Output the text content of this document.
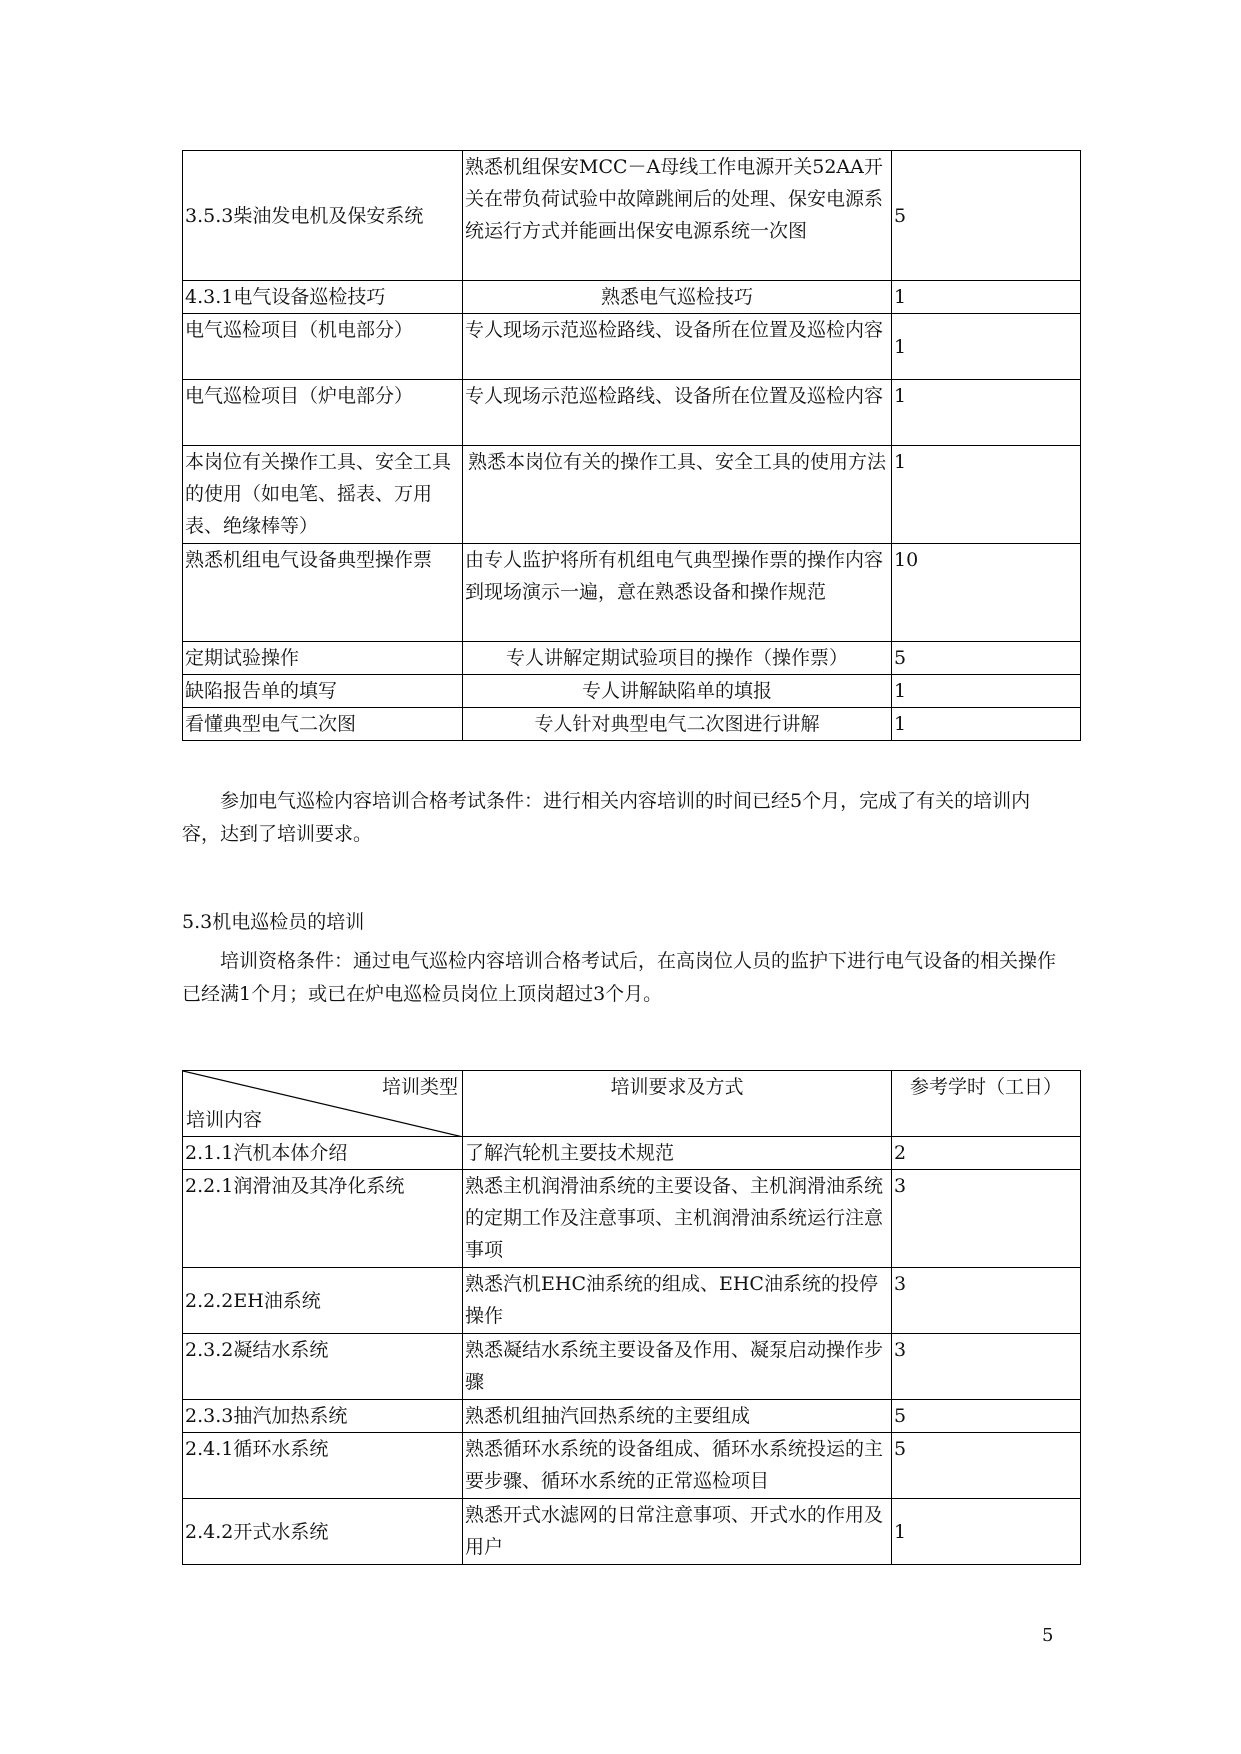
3.5.3柴油发电机及保安系统	熟悉机组保安MCC－A母线工作电源开关52AA开关在带负荷试验中故障跳闸后的处理、保安电源系统运行方式并能画出保安电源系统一次图	5
4.3.1电气设备巡检技巧	熟悉电气巡检技巧	1
电气巡检项目（机电部分）	专人现场示范巡检路线、设备所在位置及巡检内容	1
电气巡检项目（炉电部分）	专人现场示范巡检路线、设备所在位置及巡检内容	1
本岗位有关操作工具、安全工具的使用（如电笔、摇表、万用表、绝缘棒等）	熟悉本岗位有关的操作工具、安全工具的使用方法	1
熟悉机组电气设备典型操作票	由专人监护将所有机组电气典型操作票的操作内容到现场演示一遍，意在熟悉设备和操作规范	10
定期试验操作	专人讲解定期试验项目的操作（操作票）	5
缺陷报告单的填写	专人讲解缺陷单的填报	1
看懂典型电气二次图	专人针对典型电气二次图进行讲解	1
参加电气巡检内容培训合格考试条件：进行相关内容培训的时间已经5个月，完成了有关的培训内容，达到了培训要求。
5.3机电巡检员的培训
培训资格条件：通过电气巡检内容培训合格考试后，在高岗位人员的监护下进行电气设备的相关操作已经满1个月；或已在炉电巡检员岗位上顶岗超过3个月。
培训类型
培训内容	培训要求及方式	参考学时（工日）
2.1.1汽机本体介绍	了解汽轮机主要技术规范	2
2.2.1润滑油及其净化系统	熟悉主机润滑油系统的主要设备、主机润滑油系统的定期工作及注意事项、主机润滑油系统运行注意事项	3
2.2.2EH油系统	熟悉汽机EHC油系统的组成、EHC油系统的投停操作	3
2.3.2凝结水系统	熟悉凝结水系统主要设备及作用、凝泵启动操作步骤	3
2.3.3抽汽加热系统	熟悉机组抽汽回热系统的主要组成	5
2.4.1循环水系统	熟悉循环水系统的设备组成、循环水系统投运的主要步骤、循环水系统的正常巡检项目	5
2.4.2开式水系统	熟悉开式水滤网的日常注意事项、开式水的作用及用户	1
5
